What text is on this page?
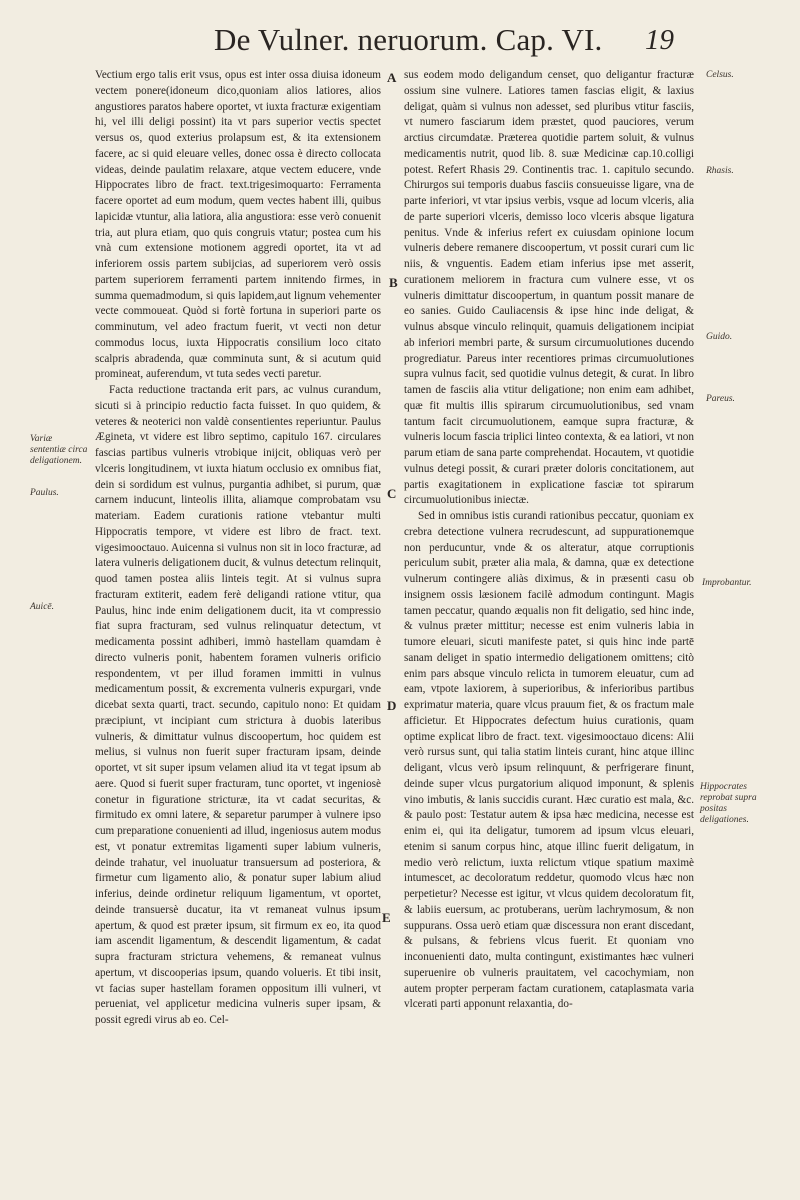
De Vulner. neruorum. Cap. VI. 19

Vectium ergo talis erit vsus, opus est inter ossa diuisa idoneum vectem ponere(idoneum dico,quoniam alios latiores, alios angustiores paratos habere oportet, vt iuxta fracturæ exigentiam hi, vel illi deligi possint) ita vt pars superior vectis spectet versus os, quod exterius prolapsum est, & ita extensionem facere, ac si quid eleuare velles, donec ossa è directo collocata videas, deinde paulatim relaxare, atque vectem educere, vnde Hippocrates libro de fract. text.trigesimoquarto: Ferramenta facere oportet ad eum modum, quem vectes habent illi, quibus lapicidæ vtuntur, alia latiora, alia angustiora: esse verò conuenit tria, aut plura etiam, quo quis congruis vtatur; postea cum his vnà cum extensione motionem aggredi oportet, ita vt ad inferiorem ossis partem subijcias, ad superiorem verò ossis partem superiorem ferramenti partem innitendo firmes, in summa quemadmodum, si quis lapidem,aut lignum vehementer vecte commoueat. Quòd si fortè fortuna in superiori parte os comminutum, vel adeo fractum fuerit, vt vecti non detur commodus locus, iuxta Hippocratis consilium loco citato scalpris abradenda, quæ comminuta sunt, & si acutum quid promineat, auferendum, vt tuta sedes vecti paretur.

Facta reductione tractanda erit pars, ac vulnus curandum, sicuti si à principio reductio facta fuisset. In quo quidem, & veteres & neoterici non valdè consentientes reperiuntur. Paulus Ægineta, vt videre est libro septimo, capitulo 167. circulares fascias partibus vulneris vtrobique inijcit, obliquas verò per vlceris longitudinem, vt iuxta hiatum occlusio ex omnibus fiat, dein si sordidum est vulnus, purgantia adhibet, si purum, quæ carnem inducunt, linteolis illita, aliamque comprobatam vsu materiam. Eadem curationis ratione vtebantur multi Hippocratis tempore, vt videre est libro de fract. text. vigesimooctauo. Auicenna si vulnus non sit in loco fracturæ, ad latera vulneris deligationem ducit, & vulnus detectum relinquit, quod tamen postea aliis linteis tegit. At si vulnus supra fracturam extiterit, eadem ferè deligandi ratione vtitur, qua Paulus, hinc inde enim deligationem ducit, ita vt compressio fiat supra fracturam, sed vulnus relinquatur detectum, vt medicamenta possint adhiberi, immò hastellam quamdam è directo vulneris ponit, habentem foramen vulneris orificio respondentem, vt per illud foramen immitti in vulnus medicamentum possit, & excrementa vulneris expurgari, vnde dicebat sexta quarti, tract. secundo, capitulo nono: Et quidam præcipiunt, vt incipiant cum strictura à duobis lateribus vulneris, & dimittatur vulnus discoopertum, hoc quidem est melius, si vulnus non fuerit super fracturam ipsam, deinde oportet, vt sit super ipsum velamen aliud ita vt tegat ipsum ab aere. Quod si fuerit super fracturam, tunc oportet, vt ingeniosè conetur in figuratione stricturæ, ita vt cadat securitas, & firmitudo ex omni latere, & separetur parumper à vulnere ipso cum preparatione conuenienti ad illud, ingeniosus autem modus est, vt ponatur extremitas ligamenti super labium vulneris, deinde trahatur, vel inuoluatur transuersum ad posteriora, & firmetur cum ligamento alio, & ponatur super labium aliud inferius, deinde ordinetur reliquum ligamentum, vt oportet, deinde transuersè ducatur, ita vt remaneat vulnus ipsum apertum, & quod est præter ipsum, sit firmum ex eo, ita quod iam ascendit ligamentum, & descendit ligamentum, & cadat supra fracturam strictura vehemens, & remaneat vulnus apertum, vt discooperias ipsum, quando volueris. Et tibi insit, vt facias super hastellam foramen oppositum illi vulneri, vt perueniat, vel applicetur medicina vulneris super ipsam, & possit egredi virus ab eo. Cel-

sus eodem modo deligandum censet, quo deligantur fracturæ ossium sine vulnere. Latiores tamen fascias eligit, & laxius deligat, quàm si vulnus non adesset, sed pluribus vtitur fasciis, vt numero fasciarum idem præstet, quod pauciores, verum arctius circumdatæ. Præterea quotidie partem soluit, & vulnus medicamentis nutrit, quod lib. 8. suæ Medicinæ cap.10.colligi potest. Refert Rhasis 29. Continentis trac. 1. capitulo secundo. Chirurgos sui temporis duabus fasciis consueuisse ligare, vna de parte inferiori, vt vtar ipsius verbis, vsque ad locum vlceris, alia de parte superiori vlceris, demisso loco vlceris absque ligatura penitus. Vnde & inferius refert ex cuiusdam opinione locum vulneris debere remanere discoopertum, vt possit curari cum lic niis, & vnguentis. Eadem etiam inferius ipse met asserit, curationem meliorem in fractura cum vulnere esse, vt os vulneris dimittatur discoopertum, in quantum possit manare de eo sanies. Guido Cauliacensis & ipse hinc inde deligat, & vulnus absque vinculo relinquit, quamuis deligationem incipiat ab inferiori membri parte, & sursum circumuolutiones ducendo progrediatur. Pareus inter recentiores primas circumuolutiones supra vulnus facit, sed quotidie vulnus detegit, & curat. In libro tamen de fasciis alia vtitur deligatione; non enim eam adhibet, quæ fit multis illis spirarum circumuolutionibus, sed vnam tantum facit circumuolutionem, eamque supra fracturæ, & vulneris locum fascia triplici linteo contexta, & ea latiori, vt non parum etiam de sana parte comprehendat. Hocautem, vt quotidie vulnus detegi possit, & curari præter doloris concitationem, aut partis exagitationem in explicatione fasciæ tot spirarum circumuolutionibus iniectæ.

Sed in omnibus istis curandi rationibus peccatur, quoniam ex crebra detectione vulnera recrudescunt, ad suppurationemque non perducuntur, vnde & os alteratur, atque corruptionis periculum subit, præter alia mala, & damna, quæ ex detectione vulnerum contingere aliàs diximus, & in præsenti casu ob insignem ossis læsionem facilè admodum contingunt. Magis tamen peccatur, quando æqualis non fit deligatio, sed hinc inde, & vulnus præter mittitur; necesse est enim vulneris labia in tumore eleuari, sicuti manifeste patet, si quis hinc inde partē sanam deliget in spatio intermedio deligationem omittens; citò enim pars absque vinculo relicta in tumorem eleuatur, cum ad eam, vtpote laxiorem, à superioribus, & inferioribus partibus exprimatur materia, quare vlcus prauum fiet, & os fractum male afficietur. Et Hippocrates defectum huius curationis, quam optime explicat libro de fract. text. vigesimooctauo dicens: Alii verò rursus sunt, qui talia statim linteis curant, hinc atque illinc deligant, vlcus verò ipsum relinquunt, & perfrigerare finunt, deinde super vlcus purgatorium aliquod imponunt, & splenis vino imbutis, & lanis succidis curant. Hæc curatio est mala, &c. & paulo post: Testatur autem & ipsa hæc medicina, necesse est enim ei, qui ita deligatur, tumorem ad ipsum vlcus eleuari, etenim si sanum corpus hinc, atque illinc fuerit deligatum, in medio verò relictum, iuxta relictum vtique spatium maximè intumescet, ac decoloratum reddetur, quomodo vlcus hæc non perpetietur? Necesse est igitur, vt vlcus quidem decoloratum fit, & labiis euersum, ac protuberans, uerùm lachrymosum, & non suppurans. Ossa uerò etiam quæ discessura non erant discedant, & pulsans, & febriens vlcus fuerit. Et quoniam vno inconuenienti dato, multa contingunt, existimantes hæc vulneri superuenire ob vulneris prauitatem, vel cacochymiam, non autem propter perperam factam curationem, cataplasmata varia vlcerati parti apponunt relaxantia, do-

A
B
C
D
E
Variæ sententiæ circa deligationem.
Paulus.
Auicē.
Celsus.
Rhasis.
Guido.
Pareus.
Improbantur.
Hippocrates reprobat supra positas deligationes.
